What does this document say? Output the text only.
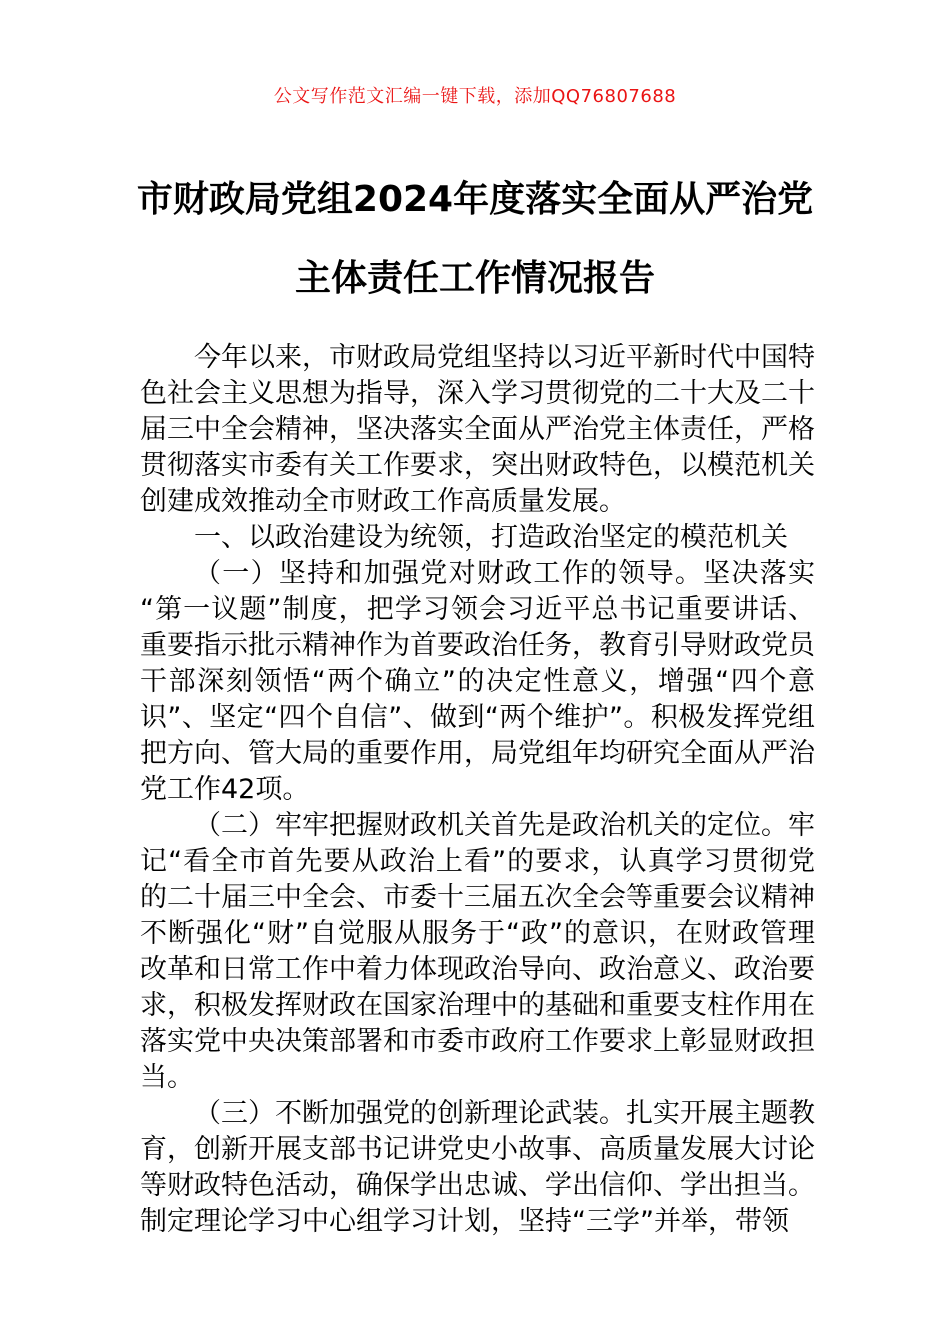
公文写作范文汇编一键下载，添加QQ76807688
市财政局党组2024年度落实全面从严治党
主体责任工作情况报告

今年以来，市财政局党组坚持以习近平新时代中国特色社会主义思想为指导，深入学习贯彻党的二十大及二十届三中全会精神，坚决落实全面从严治党主体责任，严格贯彻落实市委有关工作要求，突出财政特色，以模范机关创建成效推动全市财政工作高质量发展。

一、以政治建设为统领，打造政治坚定的模范机关

（一）坚持和加强党对财政工作的领导。坚决落实“第一议题”制度，把学习领会习近平总书记重要讲话、重要指示批示精神作为首要政治任务，教育引导财政党员干部深刻领悟“两个确立”的决定性意义，增强“四个意识”、坚定“四个自信”、做到“两个维护”。积极发挥党组把方向、管大局的重要作用，局党组年均研究全面从严治党工作42项。

（二）牢牢把握财政机关首先是政治机关的定位。牢记“看全市首先要从政治上看”的要求，认真学习贯彻党的二十届三中全会、市委十三届五次全会等重要会议精神不断强化“财”自觉服从服务于“政”的意识，在财政管理改革和日常工作中着力体现政治导向、政治意义、政治要求，积极发挥财政在国家治理中的基础和重要支柱作用在落实党中央决策部署和市委市政府工作要求上彰显财政担当。

（三）不断加强党的创新理论武装。扎实开展主题教育，创新开展支部书记讲党史小故事、高质量发展大讨论等财政特色活动，确保学出忠诚、学出信仰、学出担当。制定理论学习中心组学习计划，坚持“三学”并举，带领
